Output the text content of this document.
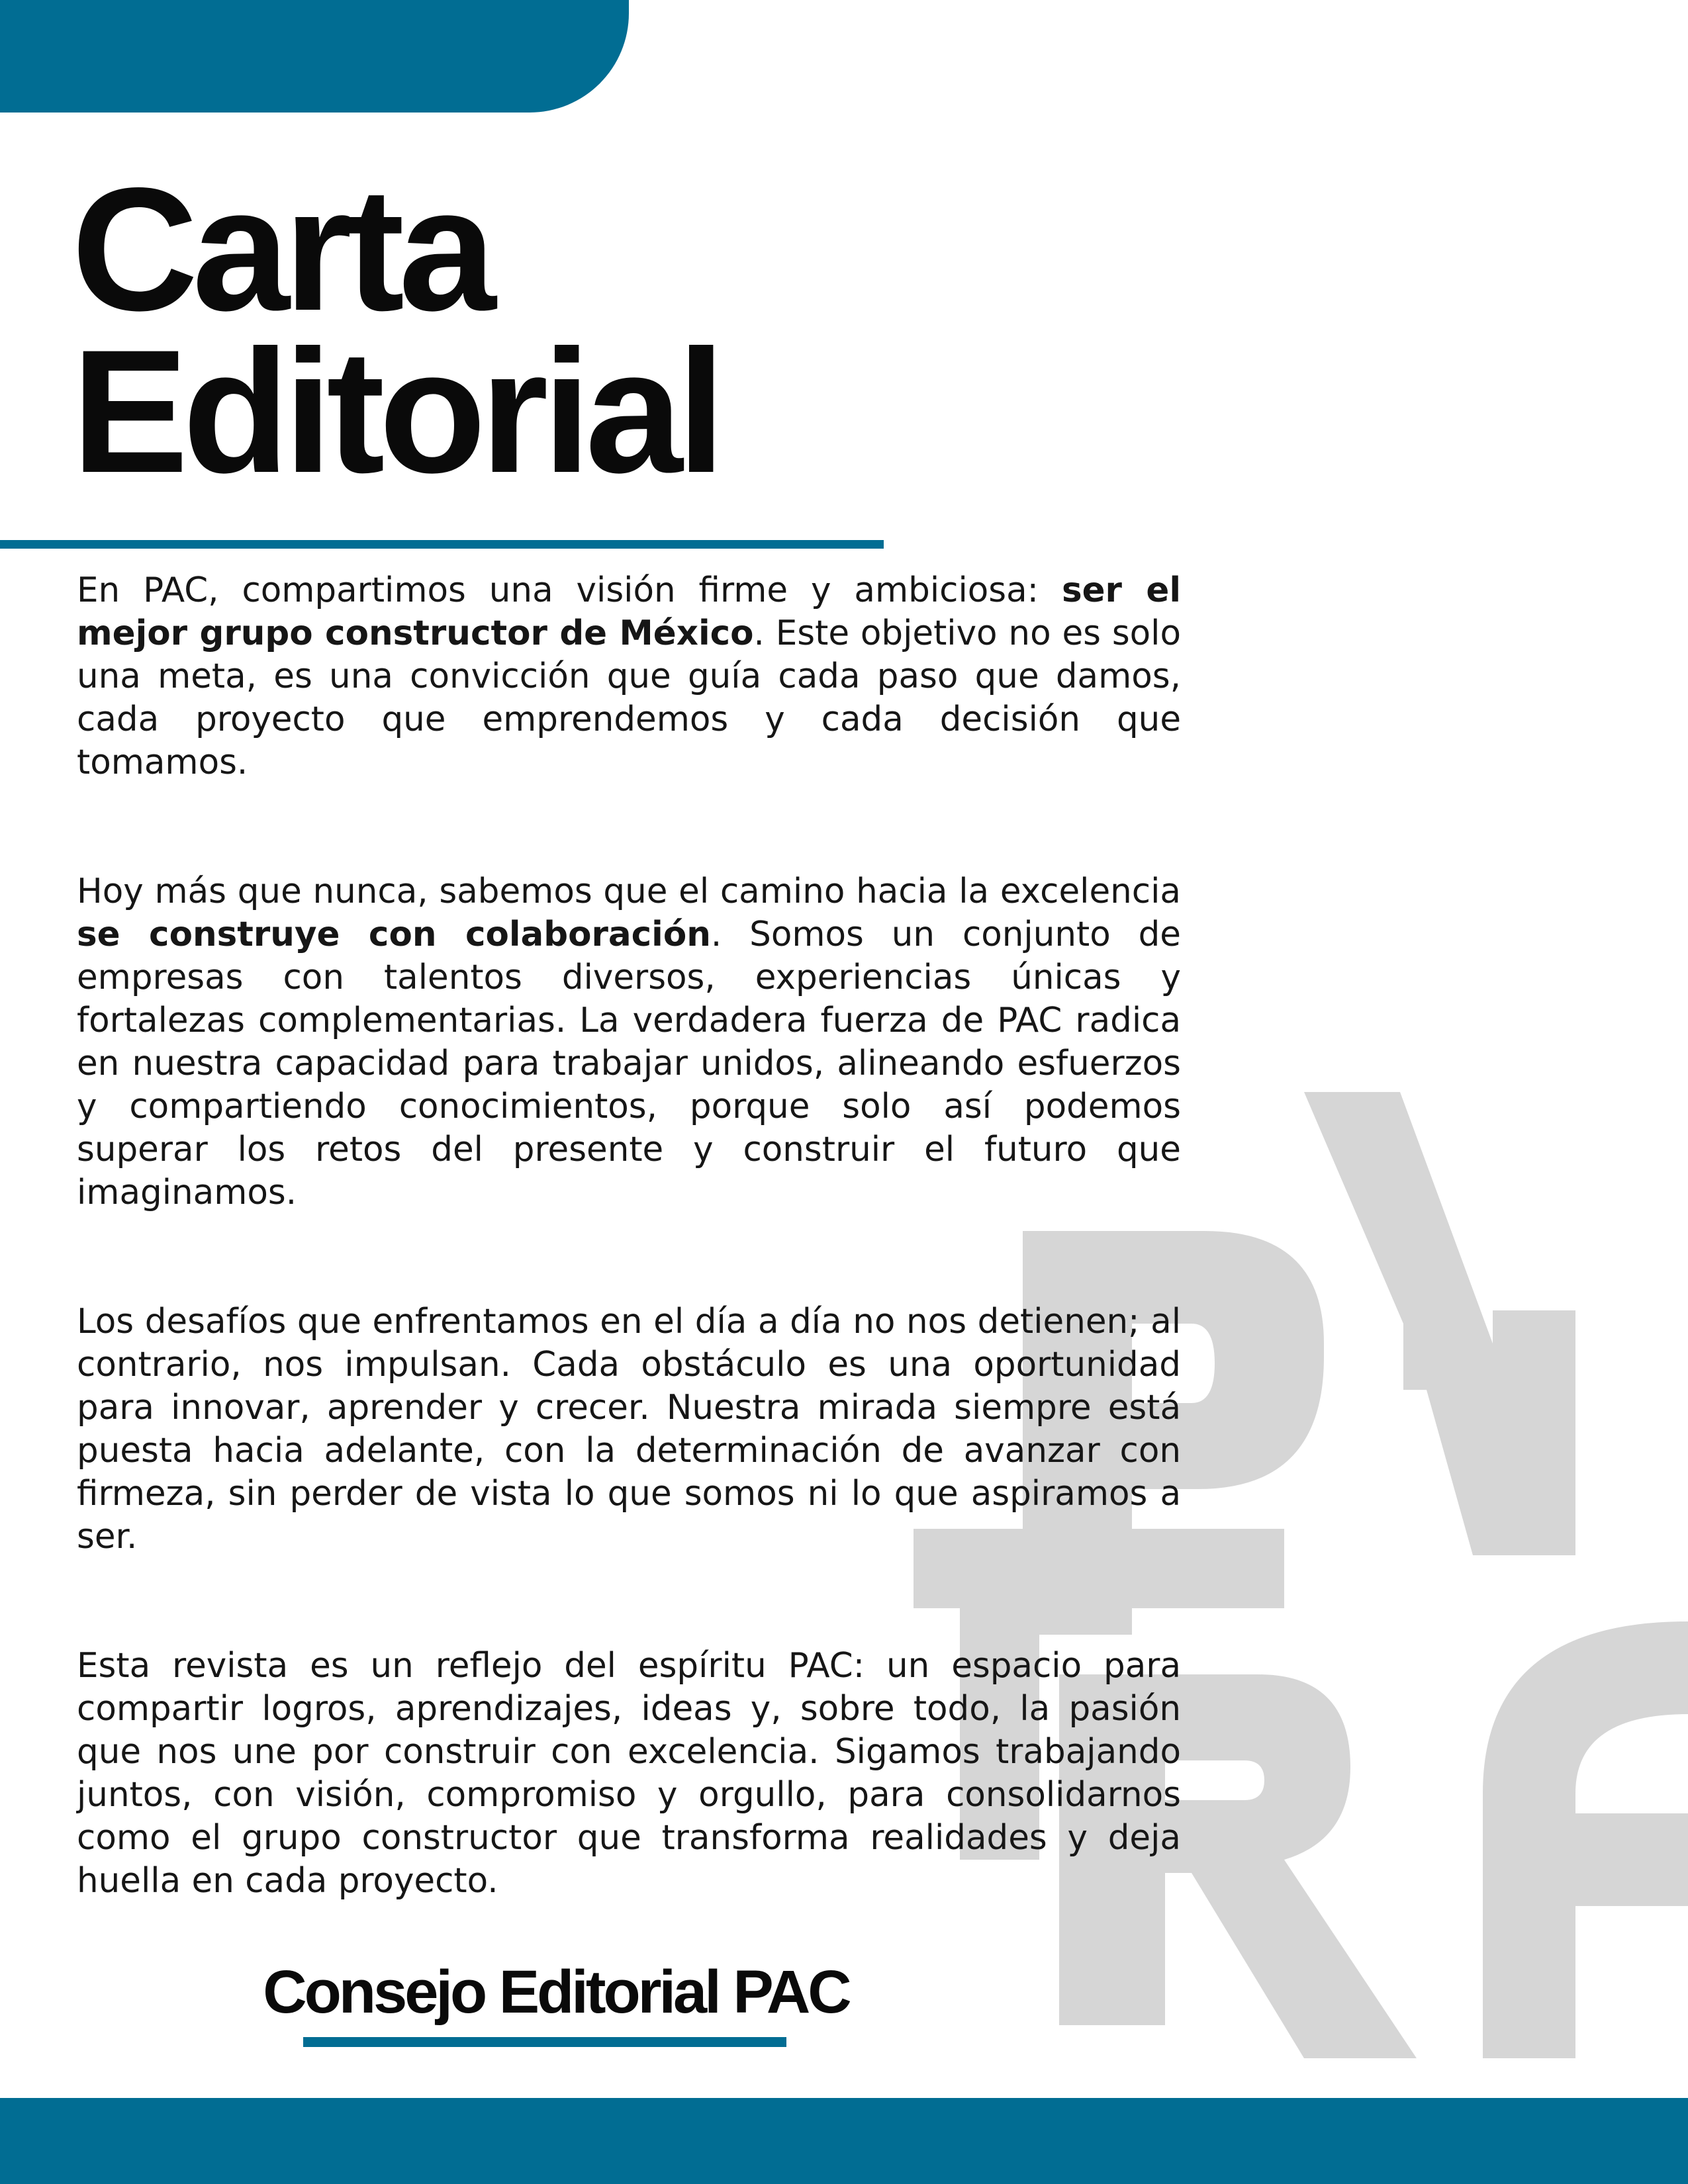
Carta
Editorial

En PAC, compartimos una visión firme y ambiciosa: ser el mejor grupo constructor de México. Este objetivo no es solo una meta, es una convicción que guía cada paso que damos, cada proyecto que emprendemos y cada decisión que tomamos.

Hoy más que nunca, sabemos que el camino hacia la excelencia se construye con colaboración. Somos un conjunto de empresas con talentos diversos, experiencias únicas y fortalezas complementarias. La verdadera fuerza de PAC radica en nuestra capacidad para trabajar unidos, alineando esfuerzos y compartiendo conocimientos, porque solo así podemos superar los retos del presente y construir el futuro que imaginamos.

Los desafíos que enfrentamos en el día a día no nos detienen; al contrario, nos impulsan. Cada obstáculo es una oportunidad para innovar, aprender y crecer. Nuestra mirada siempre está puesta hacia adelante, con la determinación de avanzar con firmeza, sin perder de vista lo que somos ni lo que aspiramos a ser.

Esta revista es un reflejo del espíritu PAC: un espacio para compartir logros, aprendizajes, ideas y, sobre todo, la pasión que nos une por construir con excelencia. Sigamos trabajando juntos, con visión, compromiso y orgullo, para consolidarnos como el grupo constructor que transforma realidades y deja huella en cada proyecto.

Consejo Editorial PAC
